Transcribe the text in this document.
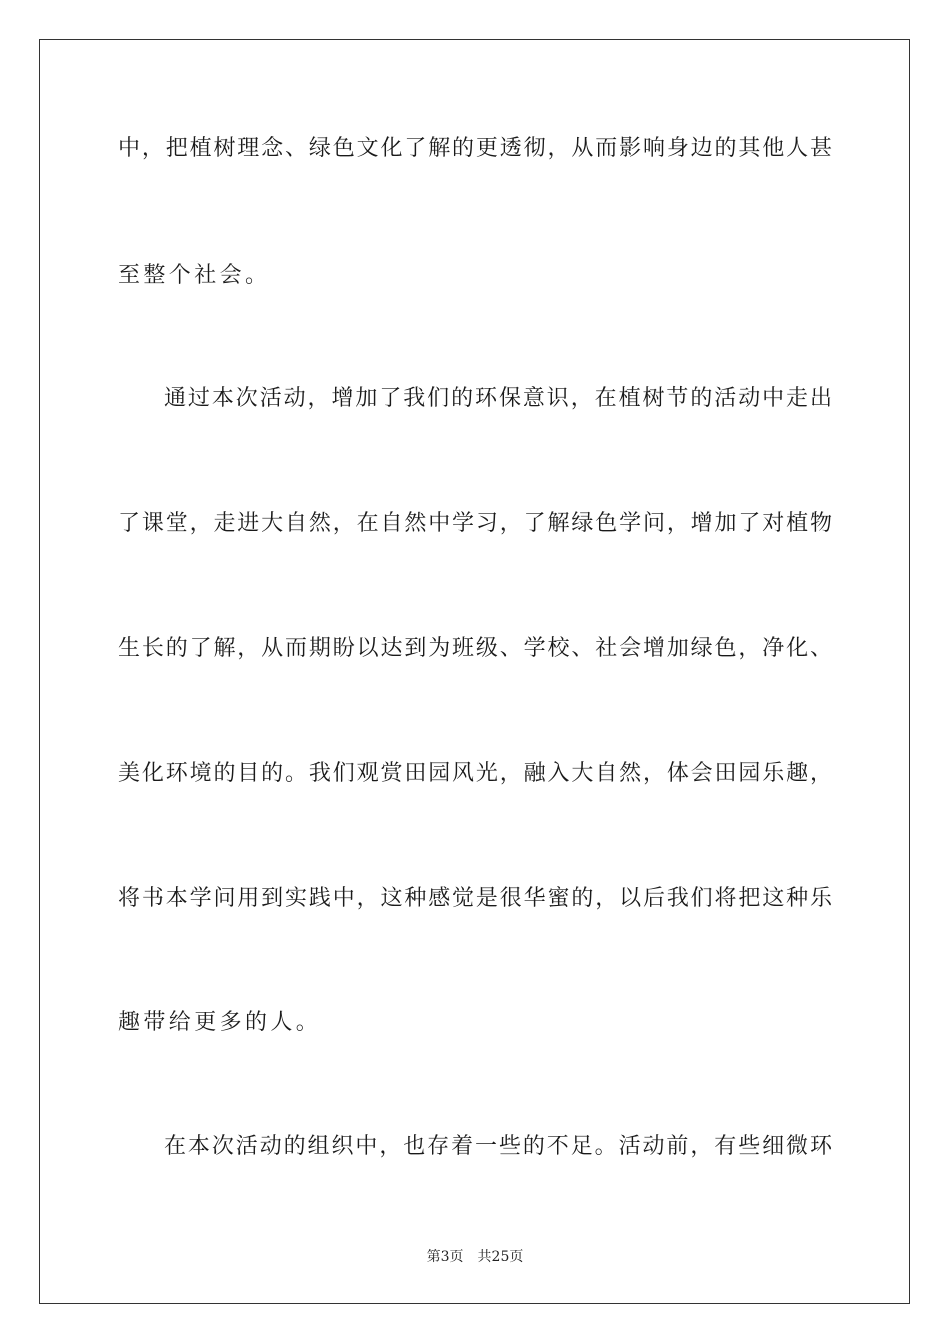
中，把植树理念、绿色文化了解的更透彻，从而影响身边的其他人甚
至整个社会。
通过本次活动，增加了我们的环保意识，在植树节的活动中走出
了课堂，走进大自然，在自然中学习，了解绿色学问，增加了对植物
生长的了解，从而期盼以达到为班级、学校、社会增加绿色，净化、
美化环境的目的。我们观赏田园风光，融入大自然，体会田园乐趣，
将书本学问用到实践中，这种感觉是很华蜜的，以后我们将把这种乐
趣带给更多的人。
在本次活动的组织中，也存着一些的不足。活动前，有些细微环
第3页 共25页
